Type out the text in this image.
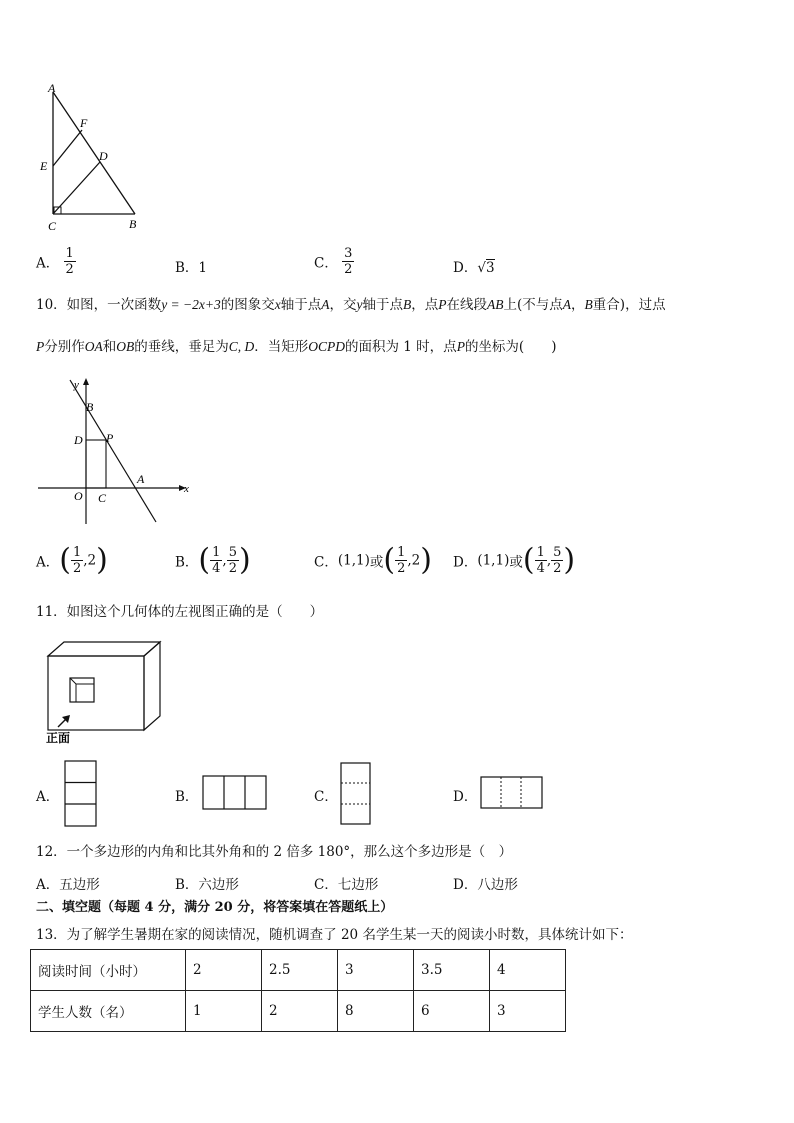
A
F
E
D
C	B
A． $\frac{1}{2}$	B．1	C． $\frac{3}{2}$	D．√3
10．如图，一次函数y = −2x+3的图象交x轴于点A，交y轴于点B，点P在线段AB上(不与点A，B重合)，过点
P分别作OA和OB的垂线，垂足为C, D．当矩形OCPD的面积为 1 时，点P的坐标为(　　)
y
B
D P
A
O C
x
A．( $\frac{1}{2} ,2$)	B．( $\frac{1}{4}$ , $\frac{5}{2}$ )	C．(1,1)或( $\frac{1}{2} ,2$) D．(1,1)或( $\frac{1}{4}$ , $\frac{5}{2}$ )
11．如图这个几何体的左视图正确的是（　　）
正面
A．	B．	C．	D．
12．一个多边形的内角和比其外角和的 2 倍多 180°，那么这个多边形是（　）
A．五边形	B．六边形	C．七边形	D．八边形
二、填空题（每题 4 分，满分 20 分，将答案填在答题纸上）
13．为了解学生暑期在家的阅读情况，随机调查了 20 名学生某一天的阅读小时数，具体统计如下：
阅读时间（小时）	2	2.5	3	3.5	4
学生人数（名）	1	2	8	6	3
